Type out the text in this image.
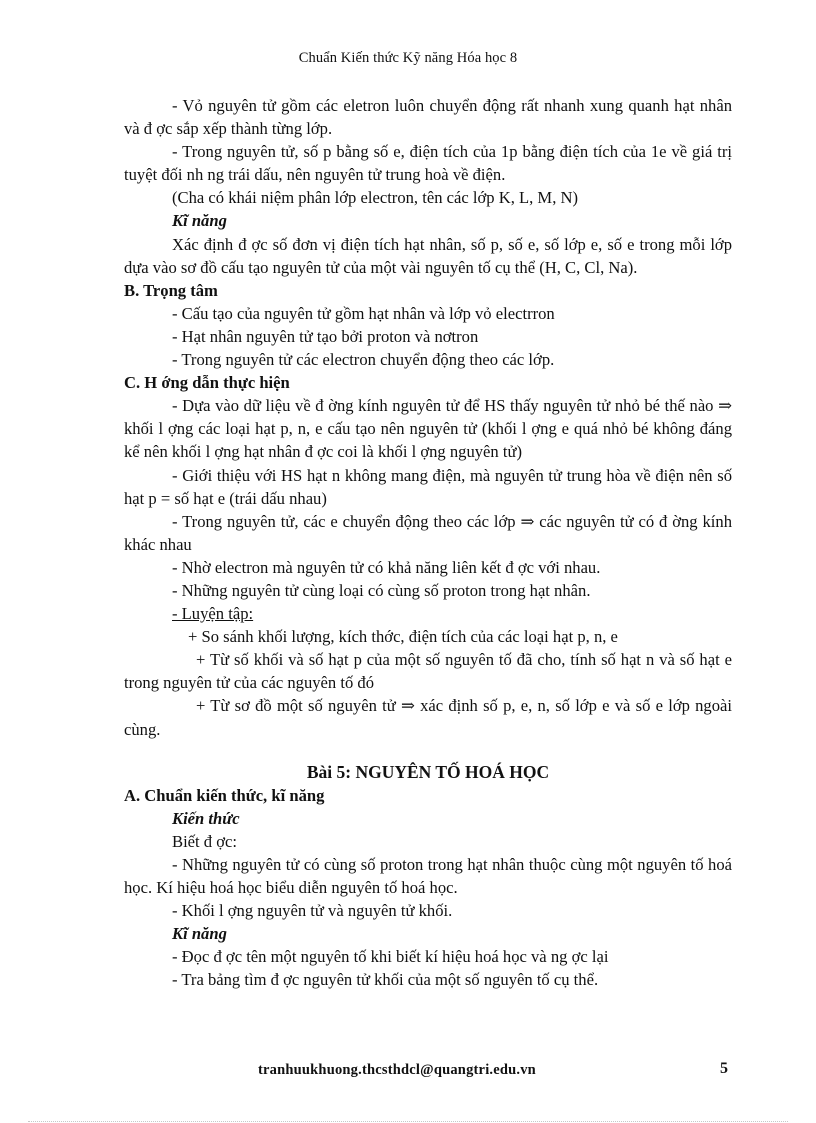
Chuẩn Kiến thức Kỹ năng Hóa học 8

- Vỏ nguyên tử gồm các eletron luôn chuyển động rất nhanh xung quanh hạt nhân và đ ợc sắp xếp thành từng lớp.

- Trong nguyên tử, số p bằng số e, điện tích của 1p bằng điện tích của 1e về giá trị tuyệt đối nh ng trái dấu, nên nguyên tử trung hoà về điện.

(Cha có khái niệm phân lớp electron, tên các lớp K, L, M, N)

Kĩ năng

Xác định đ ợc số đơn vị điện tích hạt nhân, số p, số e, số lớp e, số e trong mỗi lớp dựa vào sơ đồ cấu tạo nguyên tử của một vài nguyên tố cụ thể (H, C, Cl, Na).

B. Trọng tâm

- Cấu tạo của nguyên tử gồm hạt nhân và lớp vỏ electrron

- Hạt nhân nguyên tử tạo bởi proton và nơtron

- Trong nguyên tử các electron chuyển động theo các lớp.

C. H ớng dẫn thực hiện

- Dựa vào dữ liệu về đ ờng kính nguyên tử để HS thấy nguyên tử nhỏ bé thế nào ⇒ khối l ợng các loại hạt p, n, e cấu tạo nên nguyên tử (khối l ợng e quá nhỏ bé không đáng kể nên khối l ợng hạt nhân đ ợc coi là khối l ợng nguyên tử)

- Giới thiệu với HS hạt n không mang điện, mà nguyên tử trung hòa về điện nên số hạt p = số hạt e (trái dấu nhau)

- Trong nguyên tử, các e chuyển động theo các lớp ⇒ các nguyên tử có đ ờng kính khác nhau

- Nhờ electron mà nguyên tử có khả năng liên kết đ ợc với nhau.

- Những nguyên tử cùng loại có cùng số proton trong hạt nhân.

- Luyện tập:

+ So sánh khối lượng, kích thớc, điện tích của các loại hạt p, n, e

+ Từ số khối và số hạt p của một số nguyên tố đã cho, tính số hạt n và số hạt e trong nguyên tử của các nguyên tố đó

+ Từ sơ đồ một số nguyên tử ⇒ xác định số p, e, n, số lớp e và số e lớp ngoài cùng.

Bài 5: NGUYÊN TỐ HOÁ HỌC

A. Chuẩn kiến thức, kĩ năng

Kiến thức

Biết đ ợc:

- Những nguyên tử có cùng số proton trong hạt nhân thuộc cùng một nguyên tố hoá học. Kí hiệu hoá học biểu diễn nguyên tố hoá học.

- Khối l ợng nguyên tử và nguyên tử khối.

Kĩ năng

- Đọc đ ợc tên một nguyên tố khi biết kí hiệu hoá học và ng ợc lại

- Tra bảng tìm đ ợc nguyên tử khối của một số nguyên tố cụ thể.

tranhuukhuong.thcsthdcl@quangtri.edu.vn	5
